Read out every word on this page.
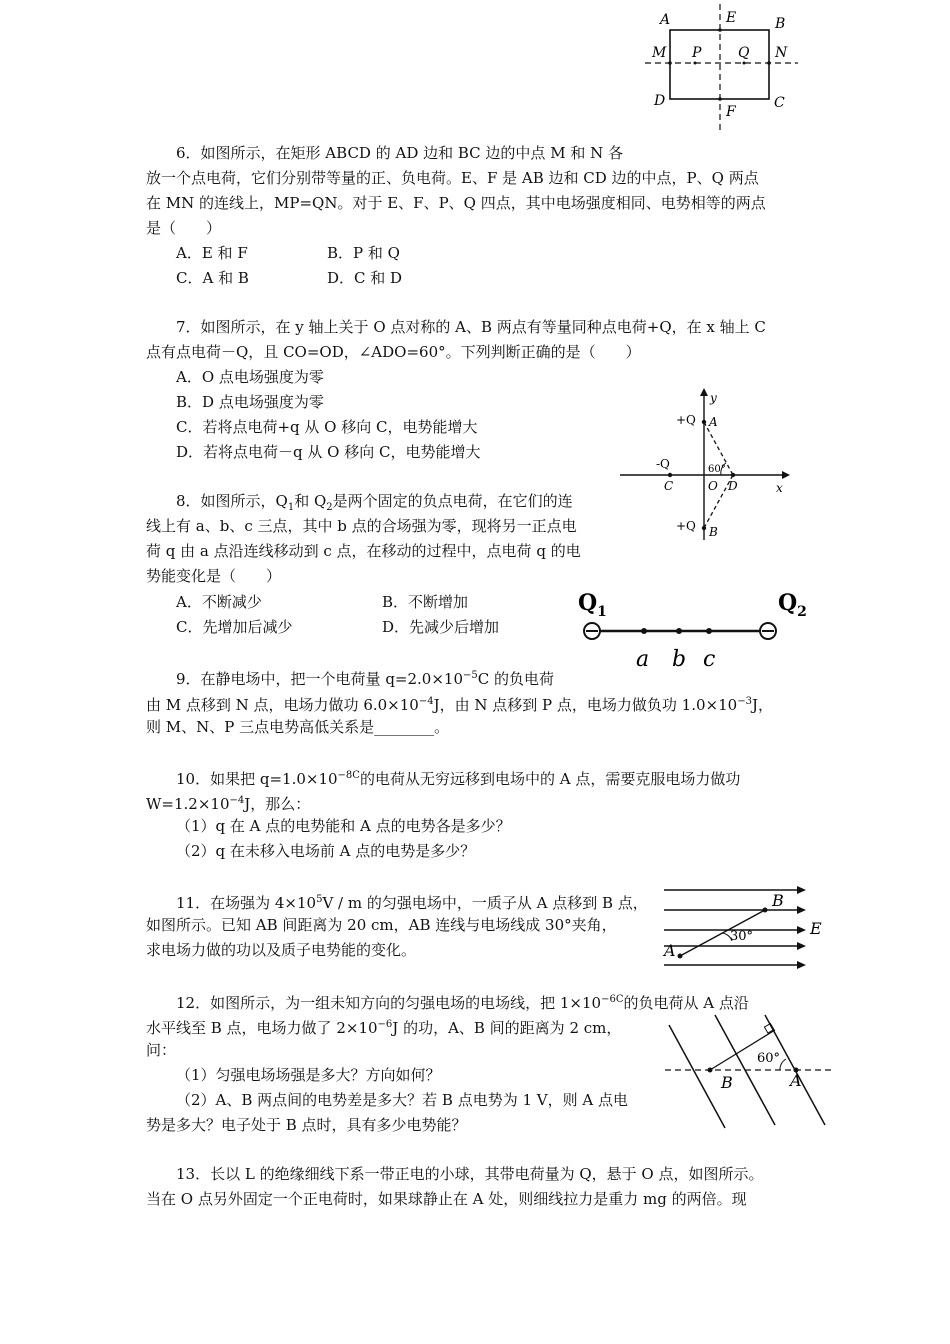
A	E	B
M P	Q N
D	C
F
6．如图所示，在矩形 ABCD 的 AD 边和 BC 边的中点 M 和 N 各
放一个点电荷，它们分别带等量的正、负电荷。E、F 是 AB 边和 CD 边的中点，P、Q 两点
在 MN 的连线上，MP=QN。对于 E、F、P、Q 四点，其中电场强度相同、电势相等的两点
是（　　）
A．E 和 F	B．P 和 Q
C．A 和 B	D．C 和 D
7．如图所示，在 y 轴上关于 O 点对称的 A、B 两点有等量同种点电荷+Q，在 x 轴上 C
点有点电荷－Q，且 CO=OD，∠ADO=60°。下列判断正确的是（　　）
A．O 点电场强度为零
B．D 点电场强度为零
C．若将点电荷+q 从 O 移向 C，电势能增大
D．若将点电荷－q 从 O 移向 C，电势能增大
y
x
+Q A
-Q	60°
C	O D
+Q B
8．如图所示，$Q_1$和 $Q_2$是两个固定的负点电荷，在它们的连
线上有 a、b、c 三点，其中 b 点的合场强为零，现将另一正点电
荷 q 由 a 点沿连线移动到 c 点，在移动的过程中，点电荷 q 的电
势能变化是（　　）
A．不断减少	B．不断增加
C．先增加后减少	D．先减少后增加
$Q_1$	$Q_2$
a b c
9．在静电场中，把一个电荷量 $q=2.0\times 10^{-5}C$ 的负电荷
由 M 点移到 N 点，电场力做功 $6.0\times 10^{-4}J$，由 N 点移到 P 点，电场力做负功 $1.0\times 10^{-3}J$，
则 M、N、P 三点电势高低关系是________。
10．如果把 $q=1.0\times 10^{-8C}$的电荷从无穷远移到电场中的 A 点，需要克服电场力做功
$W=1.2\times 10^{-4}J$，那么：
（1）q 在 A 点的电势能和 A 点的电势各是多少？
（2）q 在未移入电场前 A 点的电势是多少？
11．在场强为 $4\times 10^5V / m$ 的匀强电场中，一质子从 A 点移到 B 点，
如图所示。已知 AB 间距离为 20 cm，AB 连线与电场线成 30°夹角，
求电场力做的功以及质子电势能的变化。	A
B
30°	E
12．如图所示，为一组未知方向的匀强电场的电场线，把 $1\times 10^{-6C}$的负电荷从 A 点沿
水平线至 B 点，电场力做了 $2\times 10^{-6}J$ 的功，A、B 间的距离为 2 cm，
问：
（1）匀强电场场强是多大？方向如何？
（2）A、B 两点间的电势差是多大？若 B 点电势为 1 V，则 A 点电
势是多大？电子处于 B 点时，具有多少电势能？
B	A
60°
13．长以 L 的绝缘细线下系一带正电的小球，其带电荷量为 Q，悬于 O 点，如图所示。
当在 O 点另外固定一个正电荷时，如果球静止在 A 处，则细线拉力是重力 mg 的两倍。现
